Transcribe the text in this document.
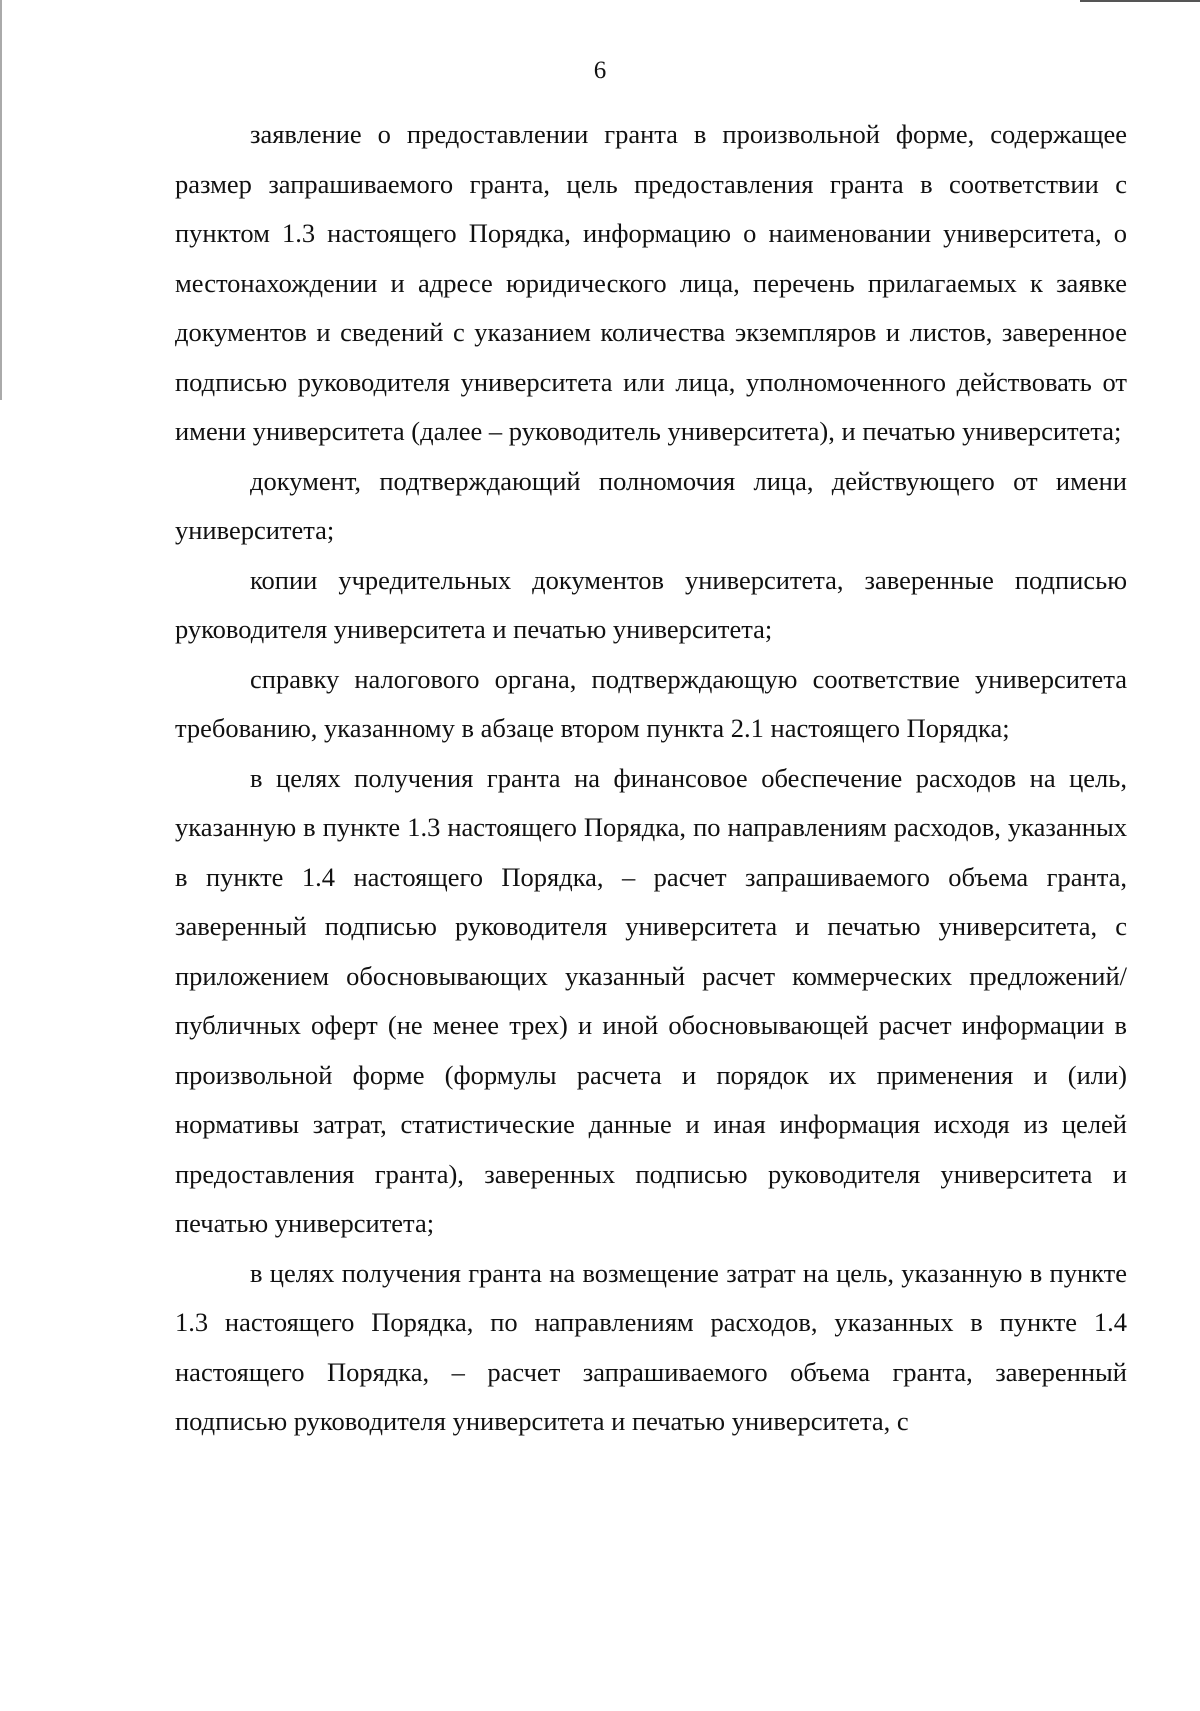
6

заявление о предоставлении гранта в произвольной форме, содержащее размер запрашиваемого гранта, цель предоставления гранта в соответствии с пунктом 1.3 настоящего Порядка, информацию о наименовании университета, о местонахождении и адресе юридического лица, перечень прилагаемых к заявке документов и сведений с указанием количества экземпляров и листов, заверенное подписью руководителя университета или лица, уполномоченного действовать от имени университета (далее – руководитель университета), и печатью университета;

документ, подтверждающий полномочия лица, действующего от имени университета;

копии учредительных документов университета, заверенные подписью руководителя университета и печатью университета;

справку налогового органа, подтверждающую соответствие университета требованию, указанному в абзаце втором пункта 2.1 настоящего Порядка;

в целях получения гранта на финансовое обеспечение расходов на цель, указанную в пункте 1.3 настоящего Порядка, по направлениям расходов, указанных в пункте 1.4 настоящего Порядка, – расчет запрашиваемого объема гранта, заверенный подписью руководителя университета и печатью университета, с приложением обосновывающих указанный расчет коммерческих предложений/публичных оферт (не менее трех) и иной обосновывающей расчет информации в произвольной форме (формулы расчета и порядок их применения и (или) нормативы затрат, статистические данные и иная информация исходя из целей предоставления гранта), заверенных подписью руководителя университета и печатью университета;

в целях получения гранта на возмещение затрат на цель, указанную в пункте 1.3 настоящего Порядка, по направлениям расходов, указанных в пункте 1.4 настоящего Порядка, – расчет запрашиваемого объема гранта, заверенный подписью руководителя университета и печатью университета, с
